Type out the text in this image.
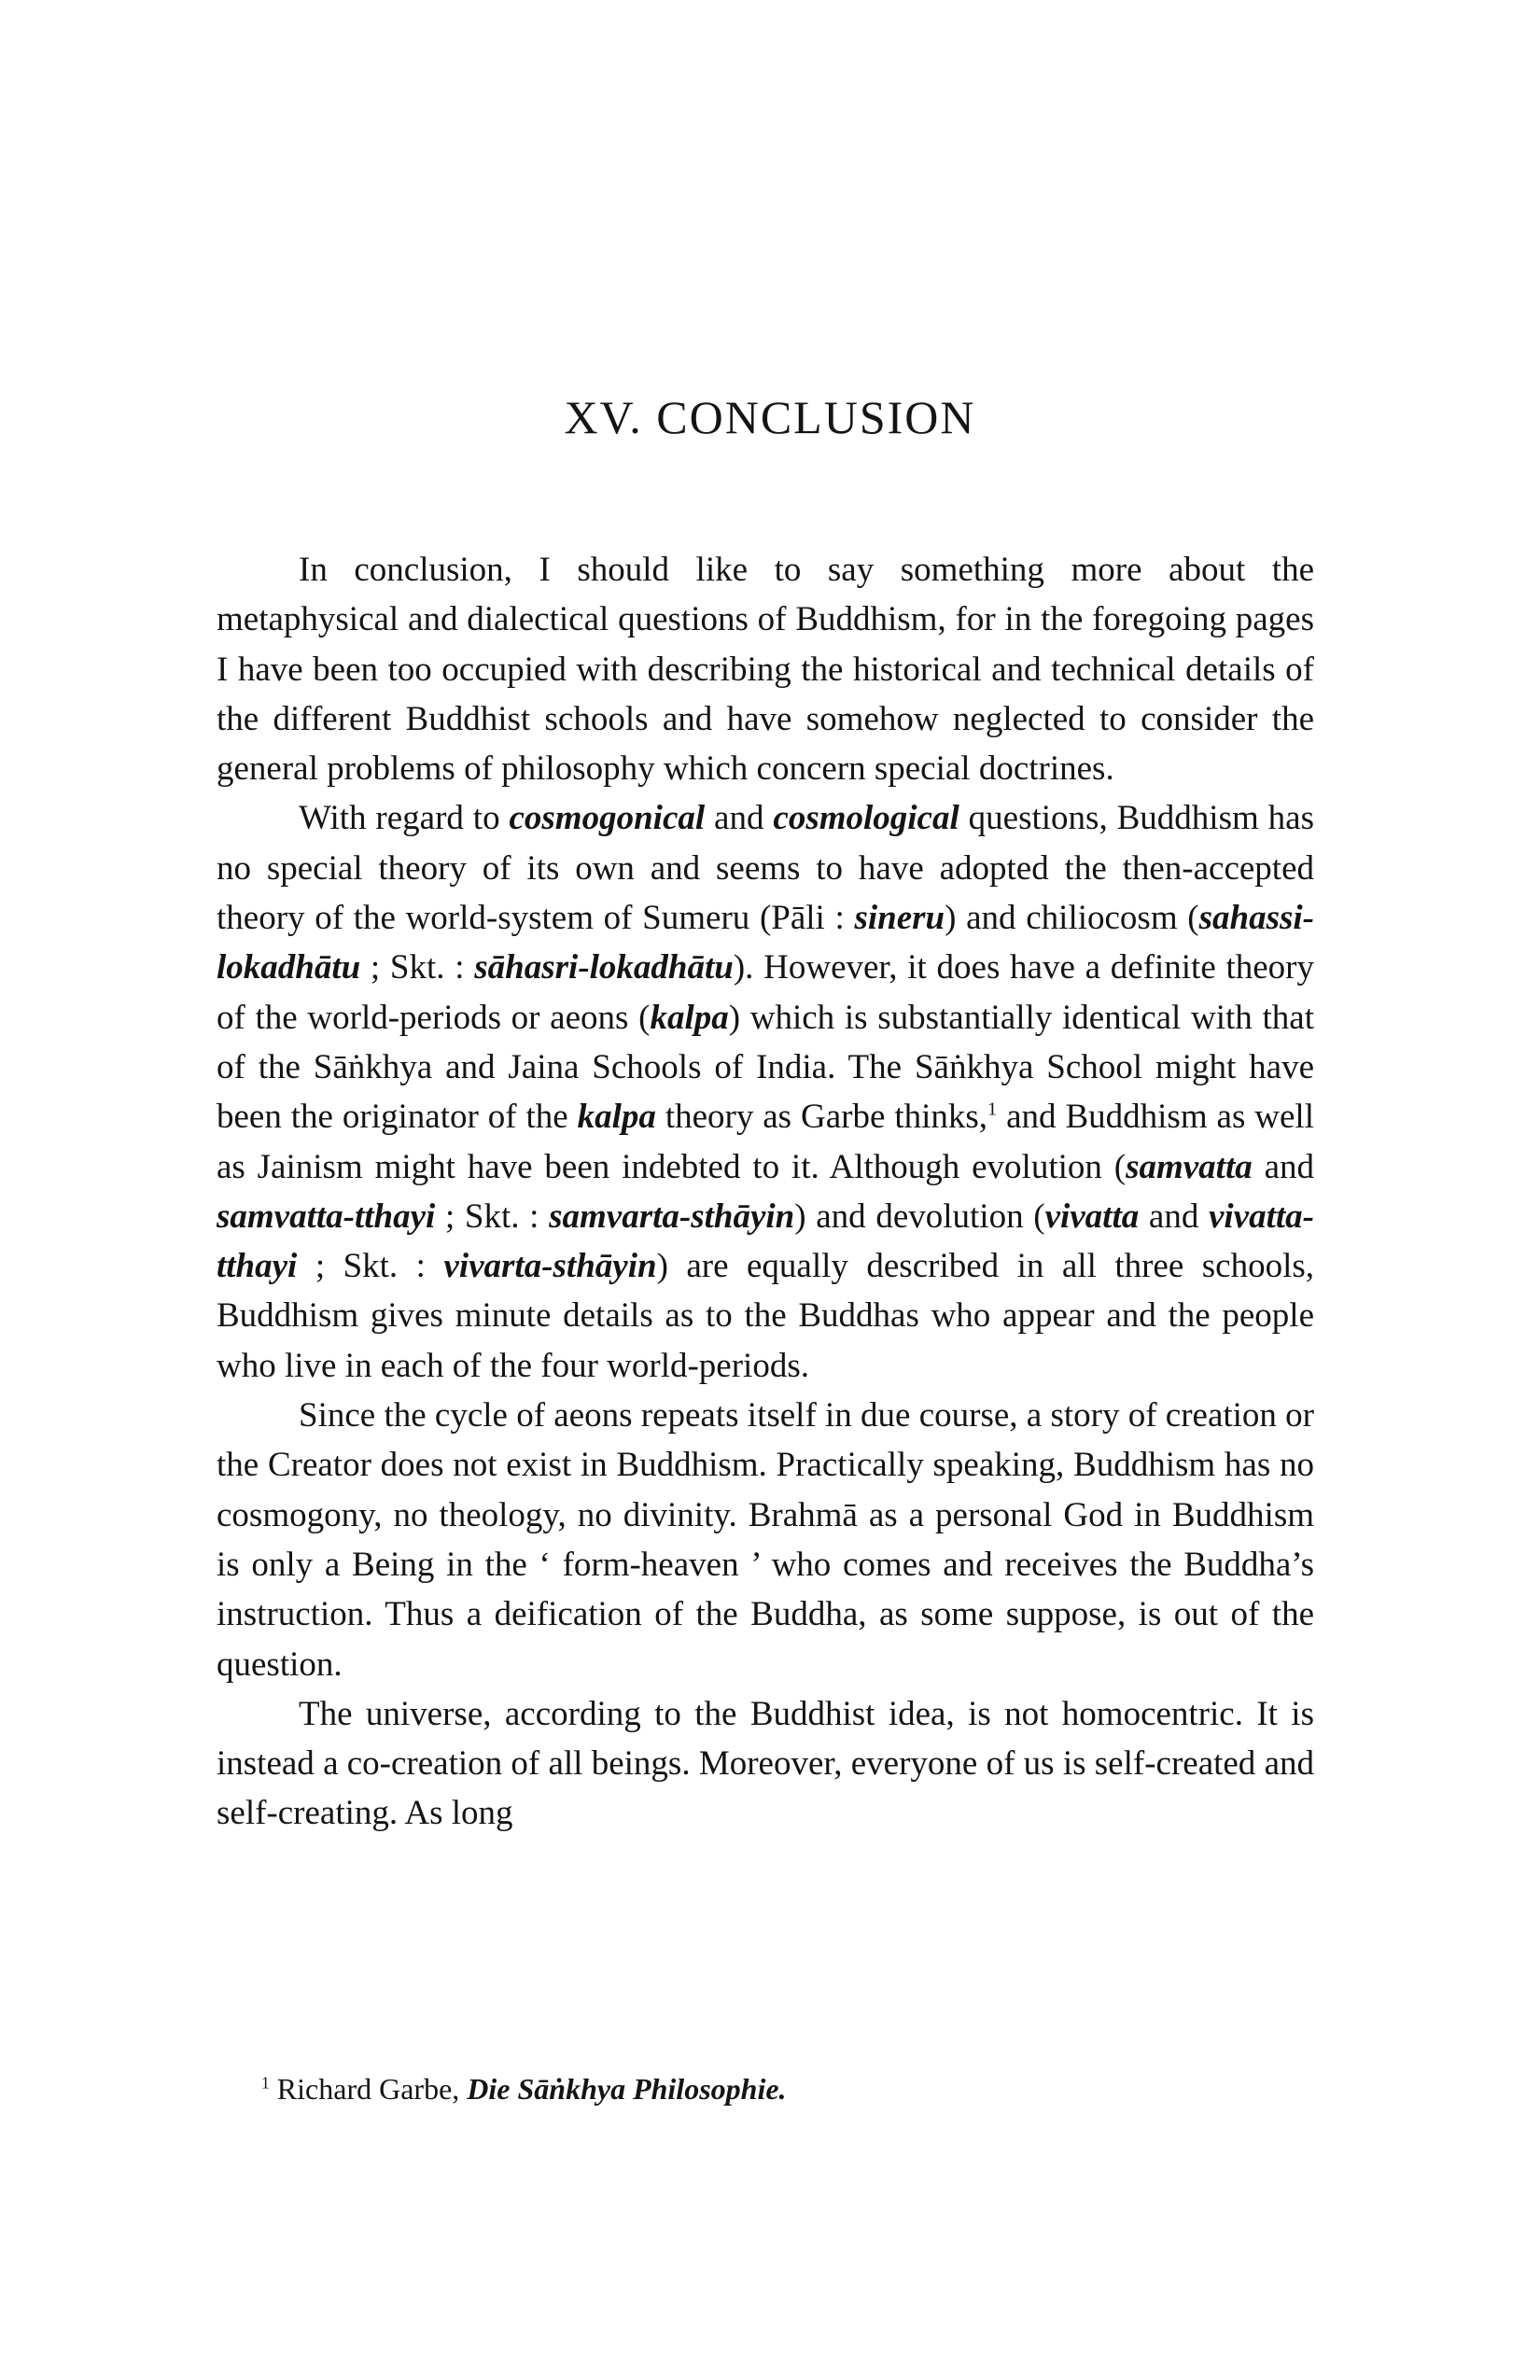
XV. CONCLUSION

In conclusion, I should like to say something more about the metaphysical and dialectical questions of Buddhism, for in the foregoing pages I have been too occupied with describing the historical and technical details of the different Buddhist schools and have somehow neglected to consider the general problems of philosophy which concern special doctrines.

With regard to cosmogonical and cosmological questions, Buddhism has no special theory of its own and seems to have adopted the then-accepted theory of the world-system of Sumeru (Pāli : sineru) and chiliocosm (sahassi-lokadhātu ; Skt. : sāhasri-lokadhātu). However, it does have a definite theory of the world-periods or aeons (kalpa) which is substantially identical with that of the Sāṅkhya and Jaina Schools of India. The Sāṅkhya School might have been the originator of the kalpa theory as Garbe thinks,$^1$ and Buddhism as well as Jainism might have been indebted to it. Although evolution (samvatta and samvatta-tthayi ; Skt. : samvarta-sthāyin) and devolution (vivatta and vivatta-tthayi ; Skt. : vivarta-sthāyin) are equally described in all three schools, Buddhism gives minute details as to the Buddhas who appear and the people who live in each of the four world-periods.

Since the cycle of aeons repeats itself in due course, a story of creation or the Creator does not exist in Buddhism. Practically speaking, Buddhism has no cosmogony, no theology, no divinity. Brahmā as a personal God in Buddhism is only a Being in the ‘ form-heaven ’ who comes and receives the Buddha’s instruction. Thus a deification of the Buddha, as some suppose, is out of the question.

The universe, according to the Buddhist idea, is not homocentric. It is instead a co-creation of all beings. Moreover, everyone of us is self-created and self-creating. As long

$^1$ Richard Garbe, Die Sāṅkhya Philosophie.
